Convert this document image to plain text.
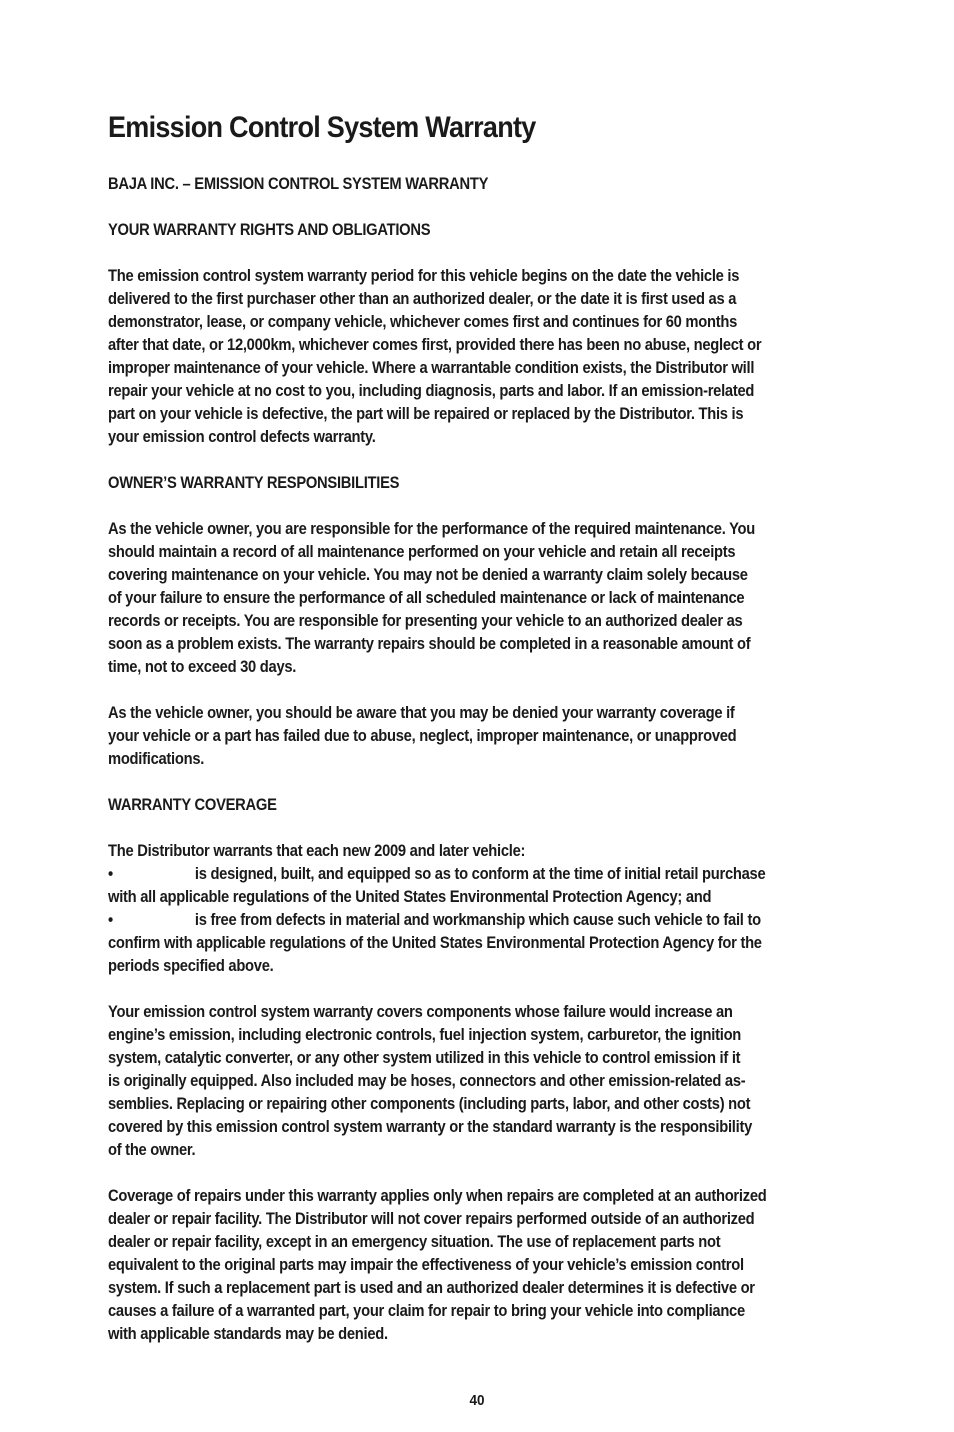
Emission Control System Warranty
BAJA INC. – EMISSION CONTROL SYSTEM WARRANTY
YOUR WARRANTY RIGHTS AND OBLIGATIONS
The emission control system warranty period for this vehicle begins on the date the vehicle is
delivered to the first purchaser other than an authorized dealer, or the date it is first used as a
demonstrator, lease, or company vehicle, whichever comes first and continues for 60 months
after that date, or 12,000km, whichever comes first, provided there has been no abuse, neglect or
improper maintenance of your vehicle. Where a warrantable condition exists, the Distributor will
repair your vehicle at no cost to you, including diagnosis, parts and labor. If an emission-related
part on your vehicle is defective, the part will be repaired or replaced by the Distributor. This is
your emission control defects warranty.
OWNER’S WARRANTY RESPONSIBILITIES
As the vehicle owner, you are responsible for the performance of the required maintenance. You
should maintain a record of all maintenance performed on your vehicle and retain all receipts
covering maintenance on your vehicle. You may not be denied a warranty claim solely because
of your failure to ensure the performance of all scheduled maintenance or lack of maintenance
records or receipts. You are responsible for presenting your vehicle to an authorized dealer as
soon as a problem exists. The warranty repairs should be completed in a reasonable amount of
time, not to exceed 30 days.
As the vehicle owner, you should be aware that you may be denied your warranty coverage if
your vehicle or a part has failed due to abuse, neglect, improper maintenance, or unapproved
modifications.
WARRANTY COVERAGE
The Distributor warrants that each new 2009 and later vehicle:
•	is designed, built, and equipped so as to conform at the time of initial retail purchase
with all applicable regulations of the United States Environmental Protection Agency; and
•	is free from defects in material and workmanship which cause such vehicle to fail to
confirm with applicable regulations of the United States Environmental Protection Agency for the
periods specified above.
Your emission control system warranty covers components whose failure would increase an
engine’s emission, including electronic controls, fuel injection system, carburetor, the ignition
system, catalytic converter, or any other system utilized in this vehicle to control emission if it
is originally equipped. Also included may be hoses, connectors and other emission-related as-
semblies. Replacing or repairing other components (including parts, labor, and other costs) not
covered by this emission control system warranty or the standard warranty is the responsibility
of the owner.
Coverage of repairs under this warranty applies only when repairs are completed at an authorized
dealer or repair facility. The Distributor will not cover repairs performed outside of an authorized
dealer or repair facility, except in an emergency situation. The use of replacement parts not
equivalent to the original parts may impair the effectiveness of your vehicle’s emission control
system. If such a replacement part is used and an authorized dealer determines it is defective or
causes a failure of a warranted part, your claim for repair to bring your vehicle into compliance
with applicable standards may be denied.
40
